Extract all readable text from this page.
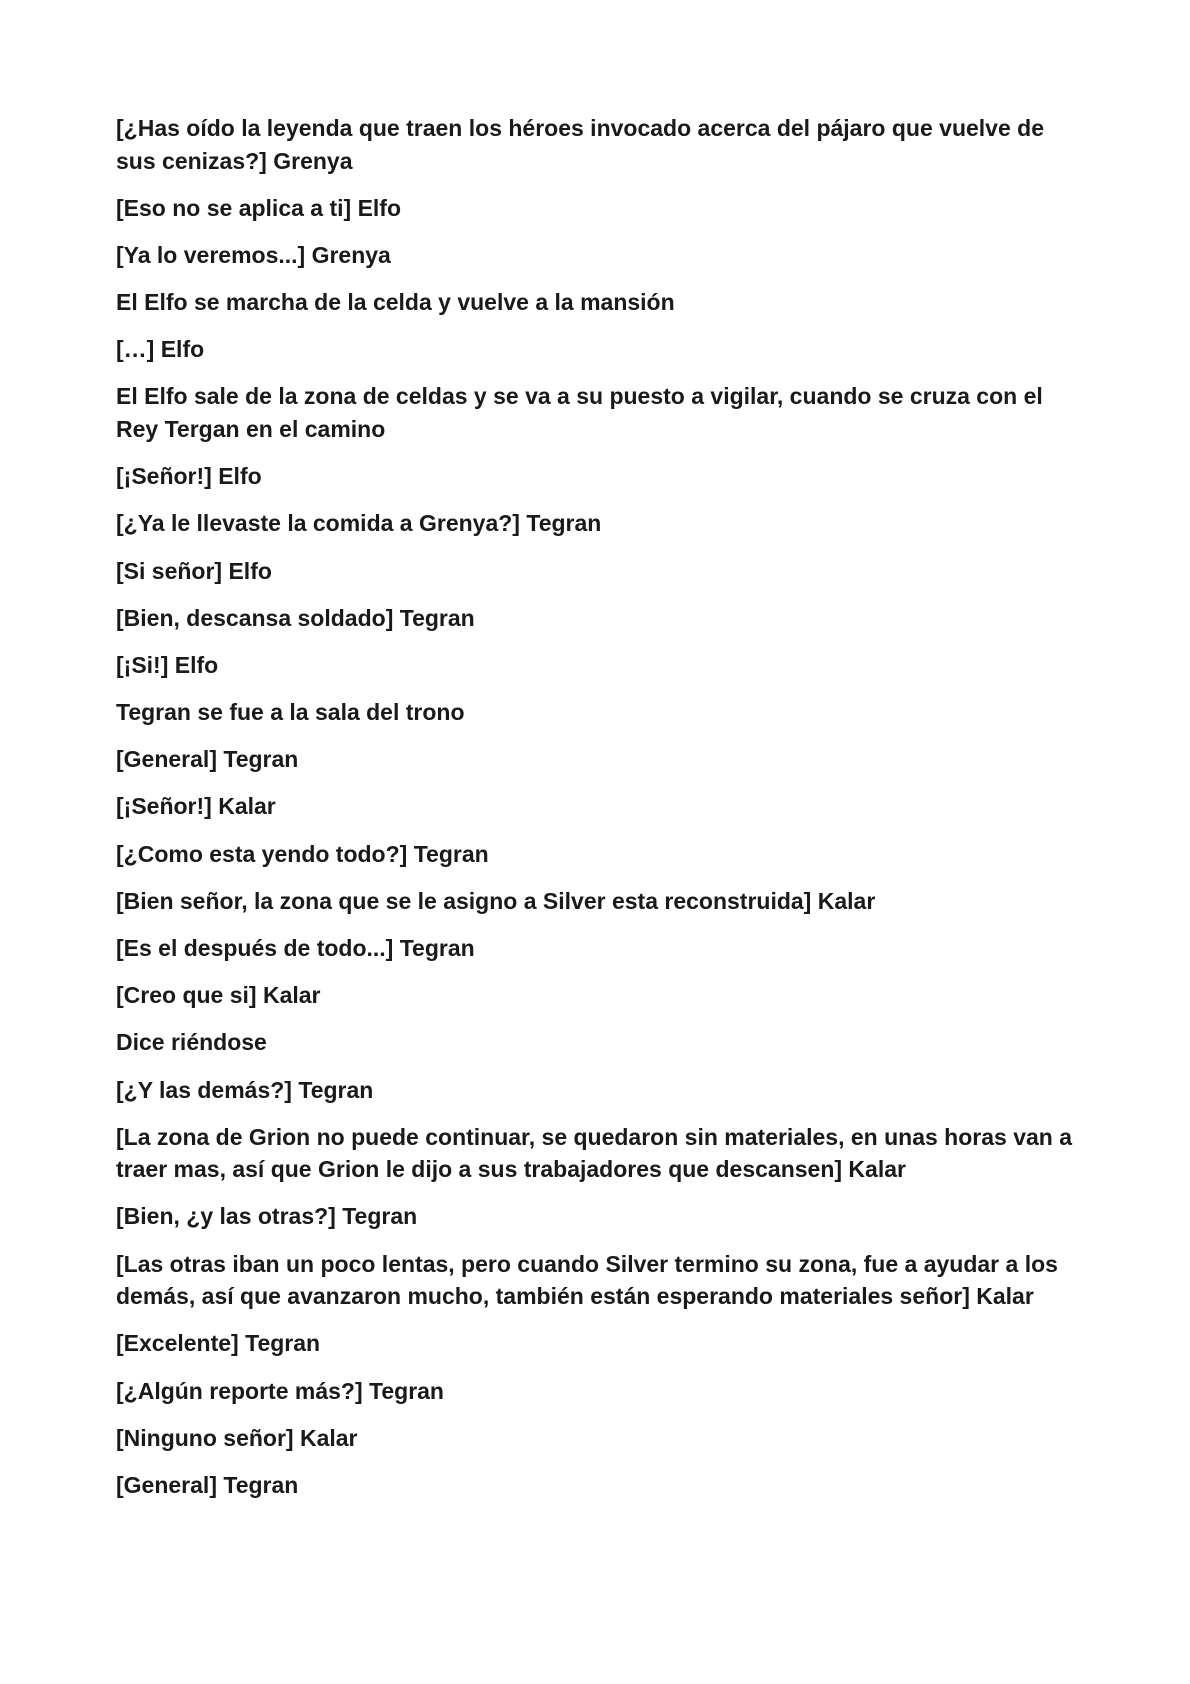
[¿Has oído la leyenda que traen los héroes invocado acerca del pájaro que vuelve de sus cenizas?] Grenya

[Eso no se aplica a ti] Elfo

[Ya lo veremos...] Grenya

El Elfo se marcha de la celda y vuelve a la mansión

[…] Elfo

El Elfo sale de la zona de celdas y se va a su puesto a vigilar, cuando se cruza con el Rey Tergan en el camino

[¡Señor!] Elfo

[¿Ya le llevaste la comida a Grenya?] Tegran

[Si señor] Elfo

[Bien, descansa soldado] Tegran

[¡Si!] Elfo

Tegran se fue a la sala del trono

[General] Tegran

[¡Señor!] Kalar

[¿Como esta yendo todo?] Tegran

[Bien señor, la zona que se le asigno a Silver esta reconstruida] Kalar

[Es el después de todo...] Tegran

[Creo que si] Kalar

Dice riéndose

[¿Y las demás?] Tegran

[La zona de Grion no puede continuar, se quedaron sin materiales, en unas horas van a traer mas, así que Grion le dijo a sus trabajadores que descansen] Kalar

[Bien, ¿y las otras?] Tegran

[Las otras iban un poco lentas, pero cuando Silver termino su zona, fue a ayudar a los demás, así que avanzaron mucho, también están esperando materiales señor] Kalar

[Excelente] Tegran

[¿Algún reporte más?] Tegran

[Ninguno señor] Kalar

[General] Tegran
